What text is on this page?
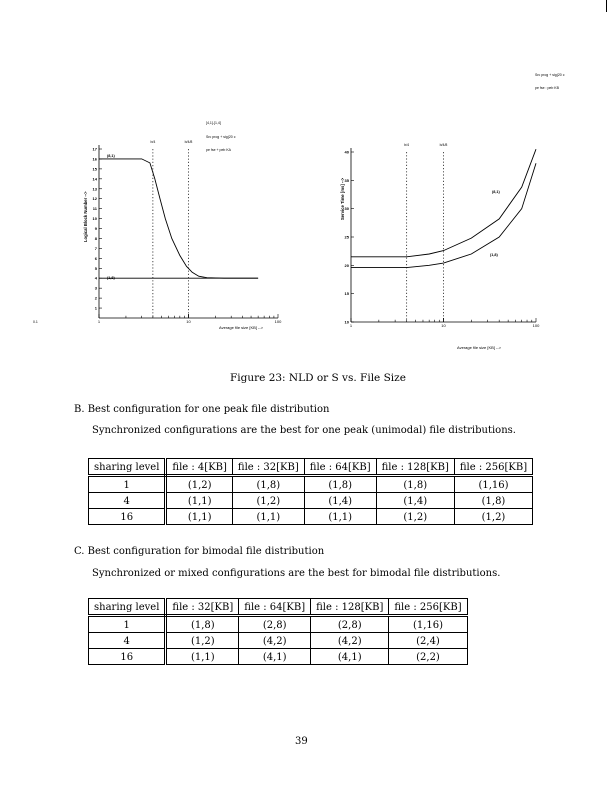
Src prog + sig(20 c

pe fse : peb KB

0.1

[4,1]-[1,4]

Src prog + sig(20 c

pe fse + peb KA

1
2
3
4
5
6
7
8
9
10
11
12
13
14
15
16
17
1	10	100
b/4	b/4/8
(8,1)
(1,8)
Logical Block Number -->
Average file size [KB] -->
10
15
20
25
30
35
40
1	10	100
b/4	b/4/8
(8,1)
(1,8)
Service Time [ms] -->
Average file size [KB] -->
Figure 23: NLD or S vs. File Size
B. Best configuration for one peak file distribution
Synchronized configurations are the best for one peak (unimodal) file distributions.
sharing level	file : 4[KB]	file : 32[KB]	file : 64[KB]	file : 128[KB]	file : 256[KB]
1	(1,2)	(1,8)	(1,8)	(1,8)	(1,16)
4	(1,1)	(1,2)	(1,4)	(1,4)	(1,8)
16	(1,1)	(1,1)	(1,1)	(1,2)	(1,2)
C. Best configuration for bimodal file distribution
Synchronized or mixed configurations are the best for bimodal file distributions.
sharing level	file : 32[KB]	file : 64[KB]	file : 128[KB]	file : 256[KB]
1	(1,8)	(2,8)	(2,8)	(1,16)
4	(1,2)	(4,2)	(4,2)	(2,4)
16	(1,1)	(4,1)	(4,1)	(2,2)
39
